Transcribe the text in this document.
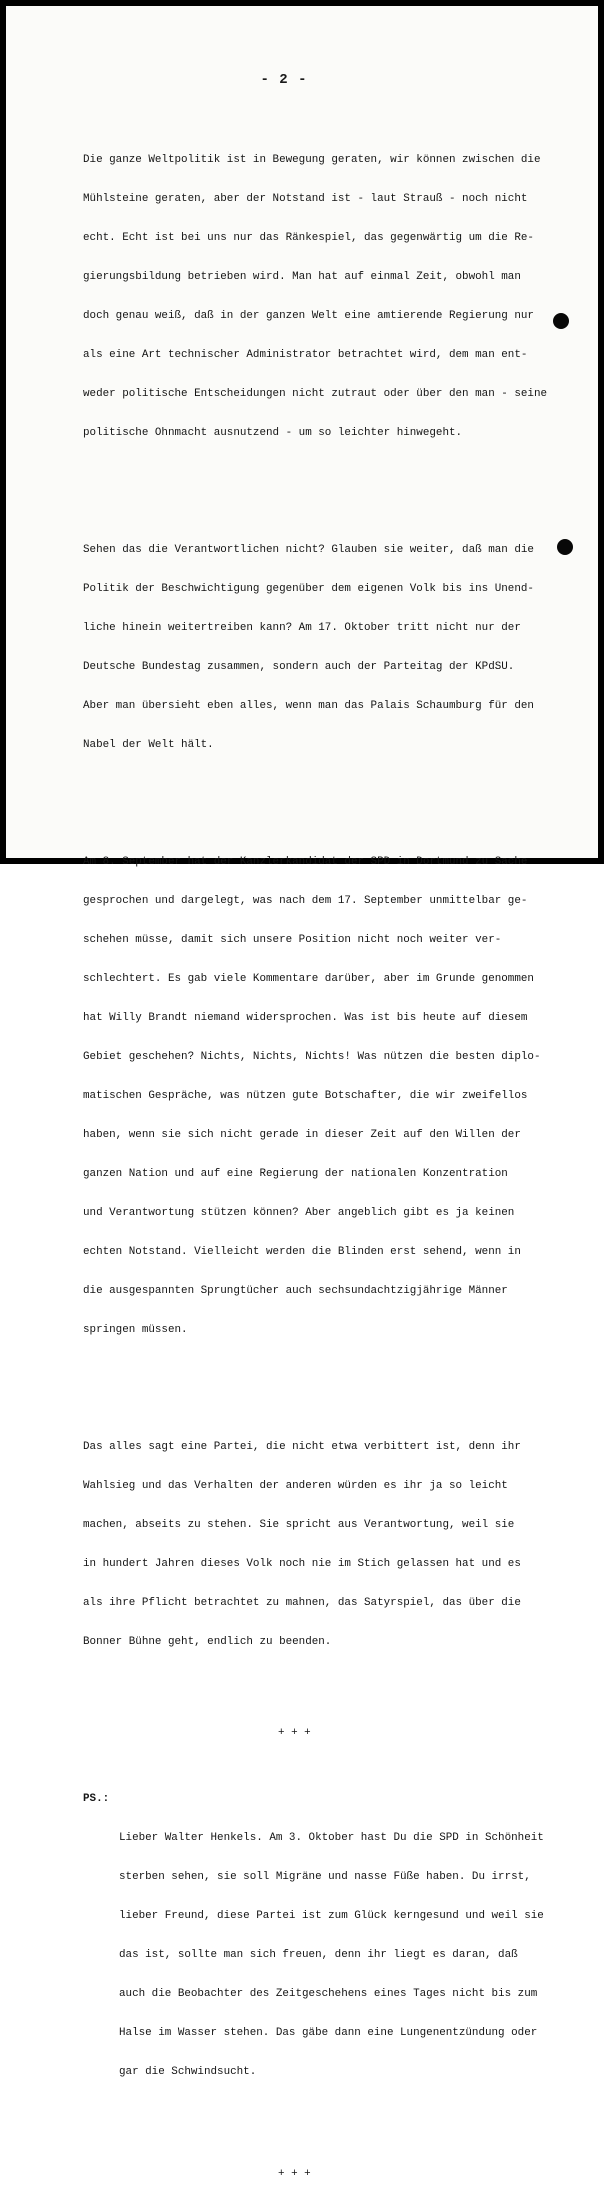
- 2 -

Die ganze Weltpolitik ist in Bewegung geraten, wir können zwischen die

Mühlsteine geraten, aber der Notstand ist - laut Strauß - noch nicht

echt. Echt ist bei uns nur das Ränkespiel, das gegenwärtig um die Re-

gierungsbildung betrieben wird. Man hat auf einmal Zeit, obwohl man

doch genau weiß, daß in der ganzen Welt eine amtierende Regierung nur

als eine Art technischer Administrator betrachtet wird, dem man ent-

weder politische Entscheidungen nicht zutraut oder über den man - seine

politische Ohnmacht ausnutzend - um so leichter hinwegeht.

Sehen das die Verantwortlichen nicht? Glauben sie weiter, daß man die

Politik der Beschwichtigung gegenüber dem eigenen Volk bis ins Unend-

liche hinein weitertreiben kann? Am 17. Oktober tritt nicht nur der

Deutsche Bundestag zusammen, sondern auch der Parteitag der KPdSU.

Aber man übersieht eben alles, wenn man das Palais Schaumburg für den

Nabel der Welt hält.

Am 8. September hat der Kanzlerkandidat der SPD in Dortmund zu Sache

gesprochen und dargelegt, was nach dem 17. September unmittelbar ge-

schehen müsse, damit sich unsere Position nicht noch weiter ver-

schlechtert. Es gab viele Kommentare darüber, aber im Grunde genommen

hat Willy Brandt niemand widersprochen. Was ist bis heute auf diesem

Gebiet geschehen? Nichts, Nichts, Nichts! Was nützen die besten diplo-

matischen Gespräche, was nützen gute Botschafter, die wir zweifellos

haben, wenn sie sich nicht gerade in dieser Zeit auf den Willen der

ganzen Nation und auf eine Regierung der nationalen Konzentration

und Verantwortung stützen können? Aber angeblich gibt es ja keinen

echten Notstand. Vielleicht werden die Blinden erst sehend, wenn in

die ausgespannten Sprungtücher auch sechsundachtzigjährige Männer

springen müssen.

Das alles sagt eine Partei, die nicht etwa verbittert ist, denn ihr

Wahlsieg und das Verhalten der anderen würden es ihr ja so leicht

machen, abseits zu stehen. Sie spricht aus Verantwortung, weil sie

in hundert Jahren dieses Volk noch nie im Stich gelassen hat und es

als ihre Pflicht betrachtet zu mahnen, das Satyrspiel, das über die

Bonner Bühne geht, endlich zu beenden.

+ + +

PS.:

Lieber Walter Henkels. Am 3. Oktober hast Du die SPD in Schönheit

sterben sehen, sie soll Migräne und nasse Füße haben. Du irrst,

lieber Freund, diese Partei ist zum Glück kerngesund und weil sie

das ist, sollte man sich freuen, denn ihr liegt es daran, daß

auch die Beobachter des Zeitgeschehens eines Tages nicht bis zum

Halse im Wasser stehen. Das gäbe dann eine Lungenentzündung oder

gar die Schwindsucht.

+ + +
